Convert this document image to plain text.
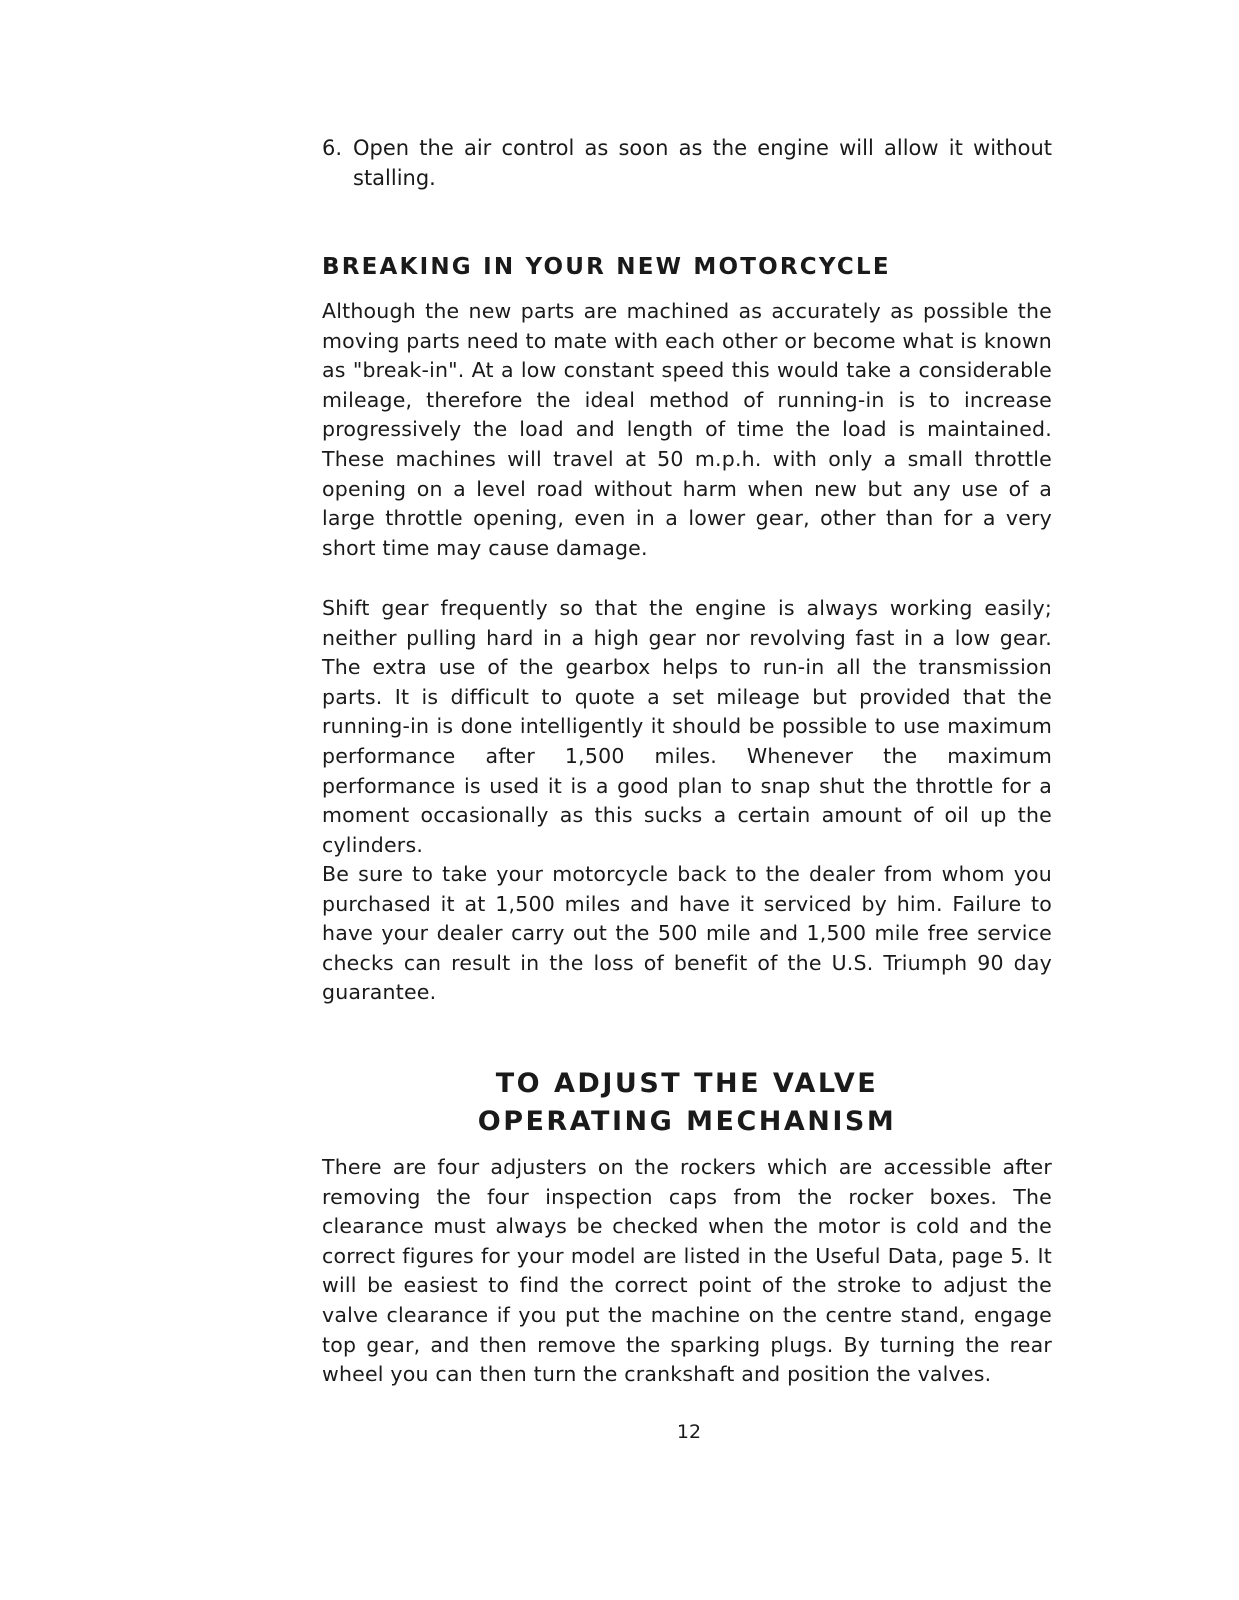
6. Open the air control as soon as the engine will allow it without stalling.
BREAKING IN YOUR NEW MOTORCYCLE

Although the new parts are machined as accurately as possible the moving parts need to mate with each other or become what is known as "break-in". At a low constant speed this would take a considerable mileage, therefore the ideal method of running-in is to increase progressively the load and length of time the load is maintained. These machines will travel at 50 m.p.h. with only a small throttle opening on a level road without harm when new but any use of a large throttle opening, even in a lower gear, other than for a very short time may cause damage.

Shift gear frequently so that the engine is always working easily; neither pulling hard in a high gear nor revolving fast in a low gear. The extra use of the gearbox helps to run-in all the transmission parts. It is difficult to quote a set mileage but provided that the running-in is done intelligently it should be possible to use maximum performance after 1,500 miles. Whenever the maximum performance is used it is a good plan to snap shut the throttle for a moment occasionally as this sucks a certain amount of oil up the cylinders.

Be sure to take your motorcycle back to the dealer from whom you purchased it at 1,500 miles and have it serviced by him. Failure to have your dealer carry out the 500 mile and 1,500 mile free service checks can result in the loss of benefit of the U.S. Triumph 90 day guarantee.

TO ADJUST THE VALVE
OPERATING MECHANISM

There are four adjusters on the rockers which are accessible after removing the four inspection caps from the rocker boxes. The clearance must always be checked when the motor is cold and the correct figures for your model are listed in the Useful Data, page 5. It will be easiest to find the correct point of the stroke to adjust the valve clearance if you put the machine on the centre stand, engage top gear, and then remove the sparking plugs. By turning the rear wheel you can then turn the crankshaft and position the valves.

12
